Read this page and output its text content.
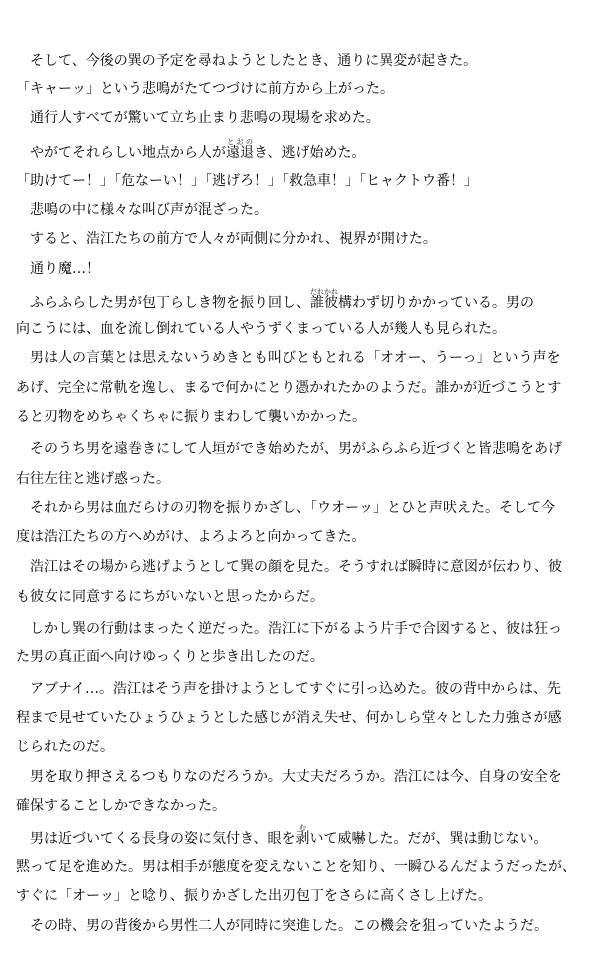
　そして、今後の巽の予定を尋ねようとしたとき、通りに異変が起きた。
「キャーッ」という悲鳴がたてつづけに前方から上がった。
　通行人すべてが驚いて立ち止まり悲鳴の現場を求めた。
　やがてそれらしい地点から人が遠退とおのき、逃げ始めた。
「助けてー！」「危なーい！」「逃げろ！」「救急車！」「ヒャクトウ番！」
　悲鳴の中に様々な叫び声が混ざった。
　すると、浩江たちの前方で人々が両側に分かれ、視界が開けた。
　通り魔…！
　ふらふらした男が包丁らしき物を振り回し、誰彼だれかれ構わず切りかかっている。男の
向こうには、血を流し倒れている人やうずくまっている人が幾人も見られた。
　男は人の言葉とは思えないうめきとも叫びともとれる「オオー、うーっ」という声を
あげ、完全に常軌を逸し、まるで何かにとり憑かれたかのようだ。誰かが近づこうとす
ると刃物をめちゃくちゃに振りまわして襲いかかった。
　そのうち男を遠巻きにして人垣ができ始めたが、男がふらふら近づくと皆悲鳴をあげ
右往左往と逃げ惑った。
　それから男は血だらけの刃物を振りかざし、「ウオーッ」とひと声吠えた。そして今
度は浩江たちの方へめがけ、よろよろと向かってきた。
　浩江はその場から逃げようとして巽の顔を見た。そうすれば瞬時に意図が伝わり、彼
も彼女に同意するにちがいないと思ったからだ。
　しかし巽の行動はまったく逆だった。浩江に下がるよう片手で合図すると、彼は狂っ
た男の真正面へ向けゆっくりと歩き出したのだ。
　アブナイ…。浩江はそう声を掛けようとしてすぐに引っ込めた。彼の背中からは、先
程まで見せていたひょうひょうとした感じが消え失せ、何かしら堂々とした力強さが感
じられたのだ。
　男を取り押さえるつもりなのだろうか。大丈夫だろうか。浩江には今、自身の安全を
確保することしかできなかった。
　男は近づいてくる長身の姿に気付き、眼を剥むいて威嚇した。だが、巽は動じない。
黙って足を進めた。男は相手が態度を変えないことを知り、一瞬ひるんだようだったが、
すぐに「オーッ」と唸り、振りかざした出刃包丁をさらに高くさし上げた。
　その時、男の背後から男性二人が同時に突進した。この機会を狙っていたようだ。
